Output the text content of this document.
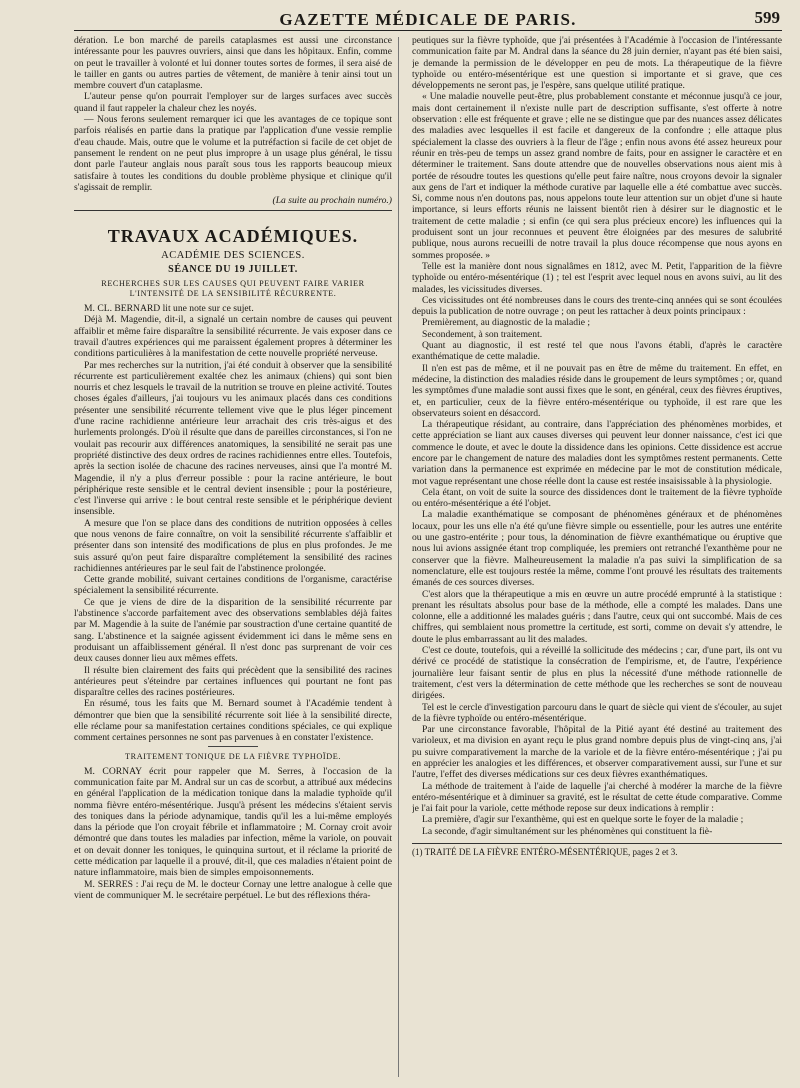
GAZETTE MÉDICALE DE PARIS.	599

dération. Le bon marché de pareils cataplasmes est aussi une circonstance intéressante pour les pauvres ouvriers, ainsi que dans les hôpitaux. Enfin, comme on peut le travailler à volonté et lui donner toutes sortes de formes, il sera aisé de le tailler en gants ou autres parties de vêtement, de manière à tenir ainsi tout un membre couvert d'un cataplasme.

L'auteur pense qu'on pourrait l'employer sur de larges surfaces avec succès quand il faut rappeler la chaleur chez les noyés.

— Nous ferons seulement remarquer ici que les avantages de ce topique sont parfois réalisés en partie dans la pratique par l'application d'une vessie remplie d'eau chaude. Mais, outre que le volume et la putréfaction si facile de cet objet de pansement le rendent on ne peut plus impropre à un usage plus général, le tissu dont parle l'auteur anglais nous paraît sous tous les rapports beaucoup mieux satisfaire à toutes les conditions du double problème physique et clinique qu'il s'agissait de remplir.

(La suite au prochain numéro.)
TRAVAUX ACADÉMIQUES.
ACADÉMIE DES SCIENCES.
SÉANCE DU 19 JUILLET.
RECHERCHES SUR LES CAUSES QUI PEUVENT FAIRE VARIER L'INTENSITÉ DE LA SENSIBILITÉ RÉCURRENTE.

M. CL. BERNARD lit une note sur ce sujet.

Déjà M. Magendie, dit-il, a signalé un certain nombre de causes qui peuvent affaiblir et même faire disparaître la sensibilité récurrente. Je vais exposer dans ce travail d'autres expériences qui me paraissent également propres à déterminer les conditions particulières à la manifestation de cette nouvelle propriété nerveuse.

Par mes recherches sur la nutrition, j'ai été conduit à observer que la sensibilité récurrente est particulièrement exaltée chez les animaux (chiens) qui sont bien nourris et chez lesquels le travail de la nutrition se trouve en pleine activité. Toutes choses égales d'ailleurs, j'ai toujours vu les animaux placés dans ces conditions présenter une sensibilité récurrente tellement vive que le plus léger pincement d'une racine rachidienne antérieure leur arrachait des cris très-aigus et des hurlements prolongés. D'où il résulte que dans de pareilles circonstances, si l'on ne voulait pas recourir aux différences anatomiques, la sensibilité ne serait pas une propriété distinctive des deux ordres de racines rachidiennes entre elles. Toutefois, après la section isolée de chacune des racines nerveuses, ainsi que l'a montré M. Magendie, il n'y a plus d'erreur possible : pour la racine antérieure, le bout périphérique reste sensible et le central devient insensible ; pour la postérieure, c'est l'inverse qui arrive : le bout central reste sensible et le périphérique devient insensible.

A mesure que l'on se place dans des conditions de nutrition opposées à celles que nous venons de faire connaître, on voit la sensibilité récurrente s'affaiblir et présenter dans son intensité des modifications de plus en plus profondes. Je me suis assuré qu'on peut faire disparaître complétement la sensibilité des racines rachidiennes antérieures par le seul fait de l'abstinence prolongée.

Cette grande mobilité, suivant certaines conditions de l'organisme, caractérise spécialement la sensibilité récurrente.

Ce que je viens de dire de la disparition de la sensibilité récurrente par l'abstinence s'accorde parfaitement avec des observations semblables déjà faites par M. Magendie à la suite de l'anémie par soustraction d'une certaine quantité de sang. L'abstinence et la saignée agissent évidemment ici dans le même sens en produisant un affaiblissement général. Il n'est donc pas surprenant de voir ces deux causes donner lieu aux mêmes effets.

Il résulte bien clairement des faits qui précèdent que la sensibilité des racines antérieures peut s'éteindre par certaines influences qui pourtant ne font pas disparaître celles des racines postérieures.

En résumé, tous les faits que M. Bernard soumet à l'Académie tendent à démontrer que bien que la sensibilité récurrente soit liée à la sensibilité directe, elle réclame pour sa manifestation certaines conditions spéciales, ce qui explique comment certaines personnes ne sont pas parvenues à en constater l'existence.

TRAITEMENT TONIQUE DE LA FIÈVRE TYPHOÏDE.

M. CORNAY écrit pour rappeler que M. Serres, à l'occasion de la communication faite par M. Andral sur un cas de scorbut, a attribué aux médecins en général l'application de la médication tonique dans la maladie typhoïde qu'il nomma fièvre entéro-mésentérique. Jusqu'à présent les médecins s'étaient servis des toniques dans la période adynamique, tandis qu'il les a lui-même employés dans la période que l'on croyait fébrile et inflammatoire ; M. Cornay croit avoir démontré que dans toutes les maladies par infection, même la variole, on pouvait et on devait donner les toniques, le quinquina surtout, et il réclame la priorité de cette médication par laquelle il a prouvé, dit-il, que ces maladies n'étaient point de nature inflammatoire, mais bien de simples empoisonnements.

M. SERRES : J'ai reçu de M. le docteur Cornay une lettre analogue à celle que vient de communiquer M. le secrétaire perpétuel. Le but des réflexions théra-

peutiques sur la fièvre typhoïde, que j'ai présentées à l'Académie à l'occasion de l'intéressante communication faite par M. Andral dans la séance du 28 juin dernier, n'ayant pas été bien saisi, je demande la permission de le développer en peu de mots. La thérapeutique de la fièvre typhoïde ou entéro-mésentérique est une question si importante et si grave, que ces développements ne seront pas, je l'espère, sans quelque utilité pratique.

« Une maladie nouvelle peut-être, plus probablement constante et méconnue jusqu'à ce jour, mais dont certainement il n'existe nulle part de description suffisante, s'est offerte à notre observation : elle est fréquente et grave ; elle ne se distingue que par des nuances assez délicates des maladies avec lesquelles il est facile et dangereux de la confondre ; elle attaque plus spécialement la classe des ouvriers à la fleur de l'âge ; enfin nous avons été assez heureux pour réunir en très-peu de temps un assez grand nombre de faits, pour en assigner le caractère et en déterminer le traitement. Sans doute attendre que de nouvelles observations nous aient mis à portée de résoudre toutes les questions qu'elle peut faire naître, nous croyons devoir la signaler aux gens de l'art et indiquer la méthode curative par laquelle elle a été combattue avec succès. Si, comme nous n'en doutons pas, nous appelons toute leur attention sur un objet d'une si haute importance, si leurs efforts réunis ne laissent bientôt rien à désirer sur le diagnostic et le traitement de cette maladie ; si enfin (ce qui sera plus précieux encore) les influences qui la produisent sont un jour reconnues et peuvent être éloignées par des mesures de salubrité publique, nous aurons recueilli de notre travail la plus douce récompense que nous ayons en sommes proposée. »

Telle est la manière dont nous signalâmes en 1812, avec M. Petit, l'apparition de la fièvre typhoïde ou entéro-mésentérique (1) ; tel est l'esprit avec lequel nous en avons suivi, au lit des malades, les vicissitudes diverses.

Ces vicissitudes ont été nombreuses dans le cours des trente-cinq années qui se sont écoulées depuis la publication de notre ouvrage ; on peut les rattacher à deux points principaux :

Premièrement, au diagnostic de la maladie ;

Secondement, à son traitement.

Quant au diagnostic, il est resté tel que nous l'avons établi, d'après le caractère exanthématique de cette maladie.

Il n'en est pas de même, et il ne pouvait pas en être de même du traitement. En effet, en médecine, la distinction des maladies réside dans le groupement de leurs symptômes ; or, quand les symptômes d'une maladie sont aussi fixes que le sont, en général, ceux des fièvres éruptives, et, en particulier, ceux de la fièvre entéro-mésentérique ou typhoïde, il est rare que les observateurs soient en désaccord.

La thérapeutique résidant, au contraire, dans l'appréciation des phénomènes morbides, et cette appréciation se liant aux causes diverses qui peuvent leur donner naissance, c'est ici que commence le doute, et avec le doute la dissidence dans les opinions. Cette dissidence est accrue encore par le changement de nature des maladies dont les symptômes restent permanents. Cette variation dans la permanence est exprimée en médecine par le mot de constitution médicale, mot vague représentant une chose réelle dont la cause est restée insaisissable à la physiologie.

Cela étant, on voit de suite la source des dissidences dont le traitement de la fièvre typhoïde ou entéro-mésentérique a été l'objet.

La maladie exanthématique se composant de phénomènes généraux et de phénomènes locaux, pour les uns elle n'a été qu'une fièvre simple ou essentielle, pour les autres une entérite ou une gastro-entérite ; pour tous, la dénomination de fièvre exanthématique ou éruptive que nous lui avions assignée étant trop compliquée, les premiers ont retranché l'exanthème pour ne conserver que la fièvre. Malheureusement la maladie n'a pas suivi la simplification de sa nomenclature, elle est toujours restée la même, comme l'ont prouvé les résultats des traitements émanés de ces sources diverses.

C'est alors que la thérapeutique a mis en œuvre un autre procédé emprunté à la statistique : prenant les résultats absolus pour base de la méthode, elle a compté les malades. Dans une colonne, elle a additionné les malades guéris ; dans l'autre, ceux qui ont succombé. Mais de ces chiffres, qui semblaient nous promettre la certitude, est sorti, comme on devait s'y attendre, le doute le plus embarrassant au lit des malades.

C'est ce doute, toutefois, qui a réveillé la sollicitude des médecins ; car, d'une part, ils ont vu dérivé ce procédé de statistique la consécration de l'empirisme, et, de l'autre, l'expérience journalière leur faisant sentir de plus en plus la nécessité d'une méthode rationnelle de traitement, c'est vers la détermination de cette méthode que les recherches se sont de nouveau dirigées.

Tel est le cercle d'investigation parcouru dans le quart de siècle qui vient de s'écouler, au sujet de la fièvre typhoïde ou entéro-mésentérique.

Par une circonstance favorable, l'hôpital de la Pitié ayant été destiné au traitement des varioleux, et ma division en ayant reçu le plus grand nombre depuis plus de vingt-cinq ans, j'ai pu suivre comparativement la marche de la variole et de la fièvre entéro-mésentérique ; j'ai pu en apprécier les analogies et les différences, et observer comparativement aussi, sur l'une et sur l'autre, l'effet des diverses médications sur ces deux fièvres exanthématiques.

La méthode de traitement à l'aide de laquelle j'ai cherché à modérer la marche de la fièvre entéro-mésentérique et à diminuer sa gravité, est le résultat de cette étude comparative. Comme je l'ai fait pour la variole, cette méthode repose sur deux indications à remplir :

La première, d'agir sur l'exanthème, qui est en quelque sorte le foyer de la maladie ;

La seconde, d'agir simultanément sur les phénomènes qui constituent la fiè-

(1) TRAITÉ DE LA FIÈVRE ENTÉRO-MÉSENTÉRIQUE, pages 2 et 3.
